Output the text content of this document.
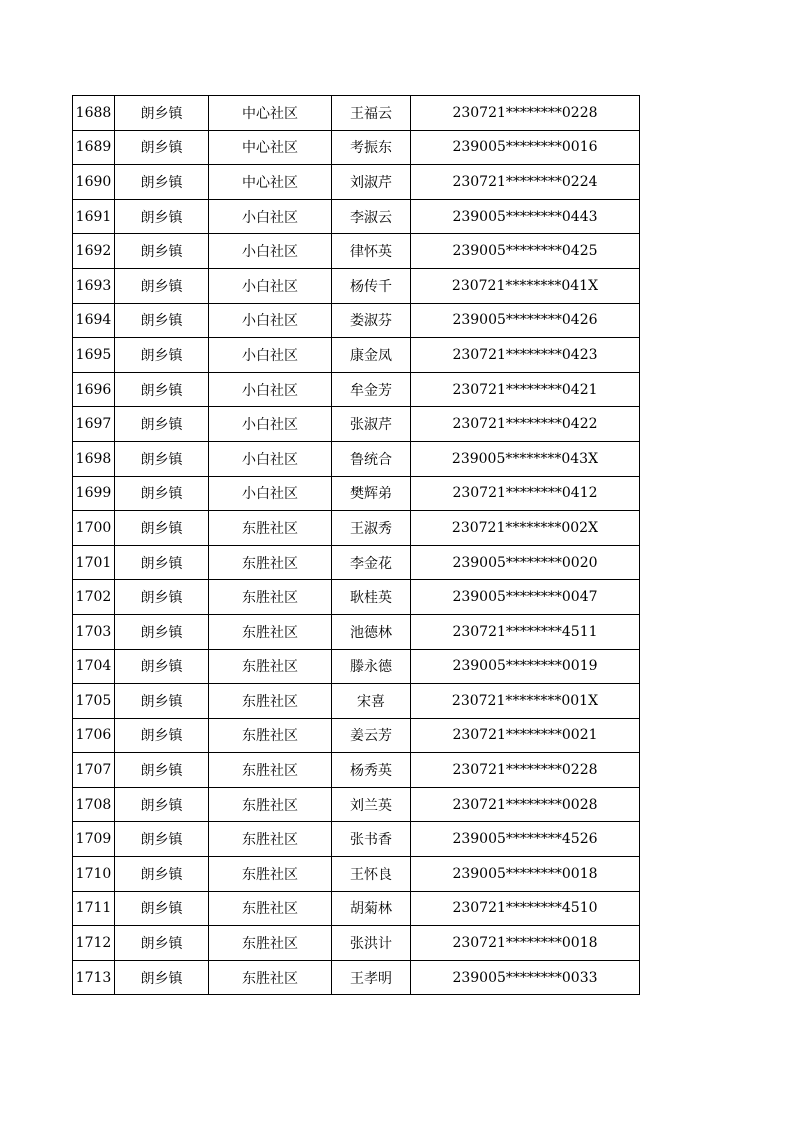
1688	朗乡镇	中心社区	王福云	230721********0228
1689	朗乡镇	中心社区	考振东	239005********0016
1690	朗乡镇	中心社区	刘淑芹	230721********0224
1691	朗乡镇	小白社区	李淑云	239005********0443
1692	朗乡镇	小白社区	律怀英	239005********0425
1693	朗乡镇	小白社区	杨传千	230721********041X
1694	朗乡镇	小白社区	娄淑芬	239005********0426
1695	朗乡镇	小白社区	康金凤	230721********0423
1696	朗乡镇	小白社区	牟金芳	230721********0421
1697	朗乡镇	小白社区	张淑芹	230721********0422
1698	朗乡镇	小白社区	鲁统合	239005********043X
1699	朗乡镇	小白社区	樊辉弟	230721********0412
1700	朗乡镇	东胜社区	王淑秀	230721********002X
1701	朗乡镇	东胜社区	李金花	239005********0020
1702	朗乡镇	东胜社区	耿桂英	239005********0047
1703	朗乡镇	东胜社区	池德林	230721********4511
1704	朗乡镇	东胜社区	滕永德	239005********0019
1705	朗乡镇	东胜社区	宋喜	230721********001X
1706	朗乡镇	东胜社区	姜云芳	230721********0021
1707	朗乡镇	东胜社区	杨秀英	230721********0228
1708	朗乡镇	东胜社区	刘兰英	230721********0028
1709	朗乡镇	东胜社区	张书香	239005********4526
1710	朗乡镇	东胜社区	王怀良	239005********0018
1711	朗乡镇	东胜社区	胡菊林	230721********4510
1712	朗乡镇	东胜社区	张洪计	230721********0018
1713	朗乡镇	东胜社区	王孝明	239005********0033
